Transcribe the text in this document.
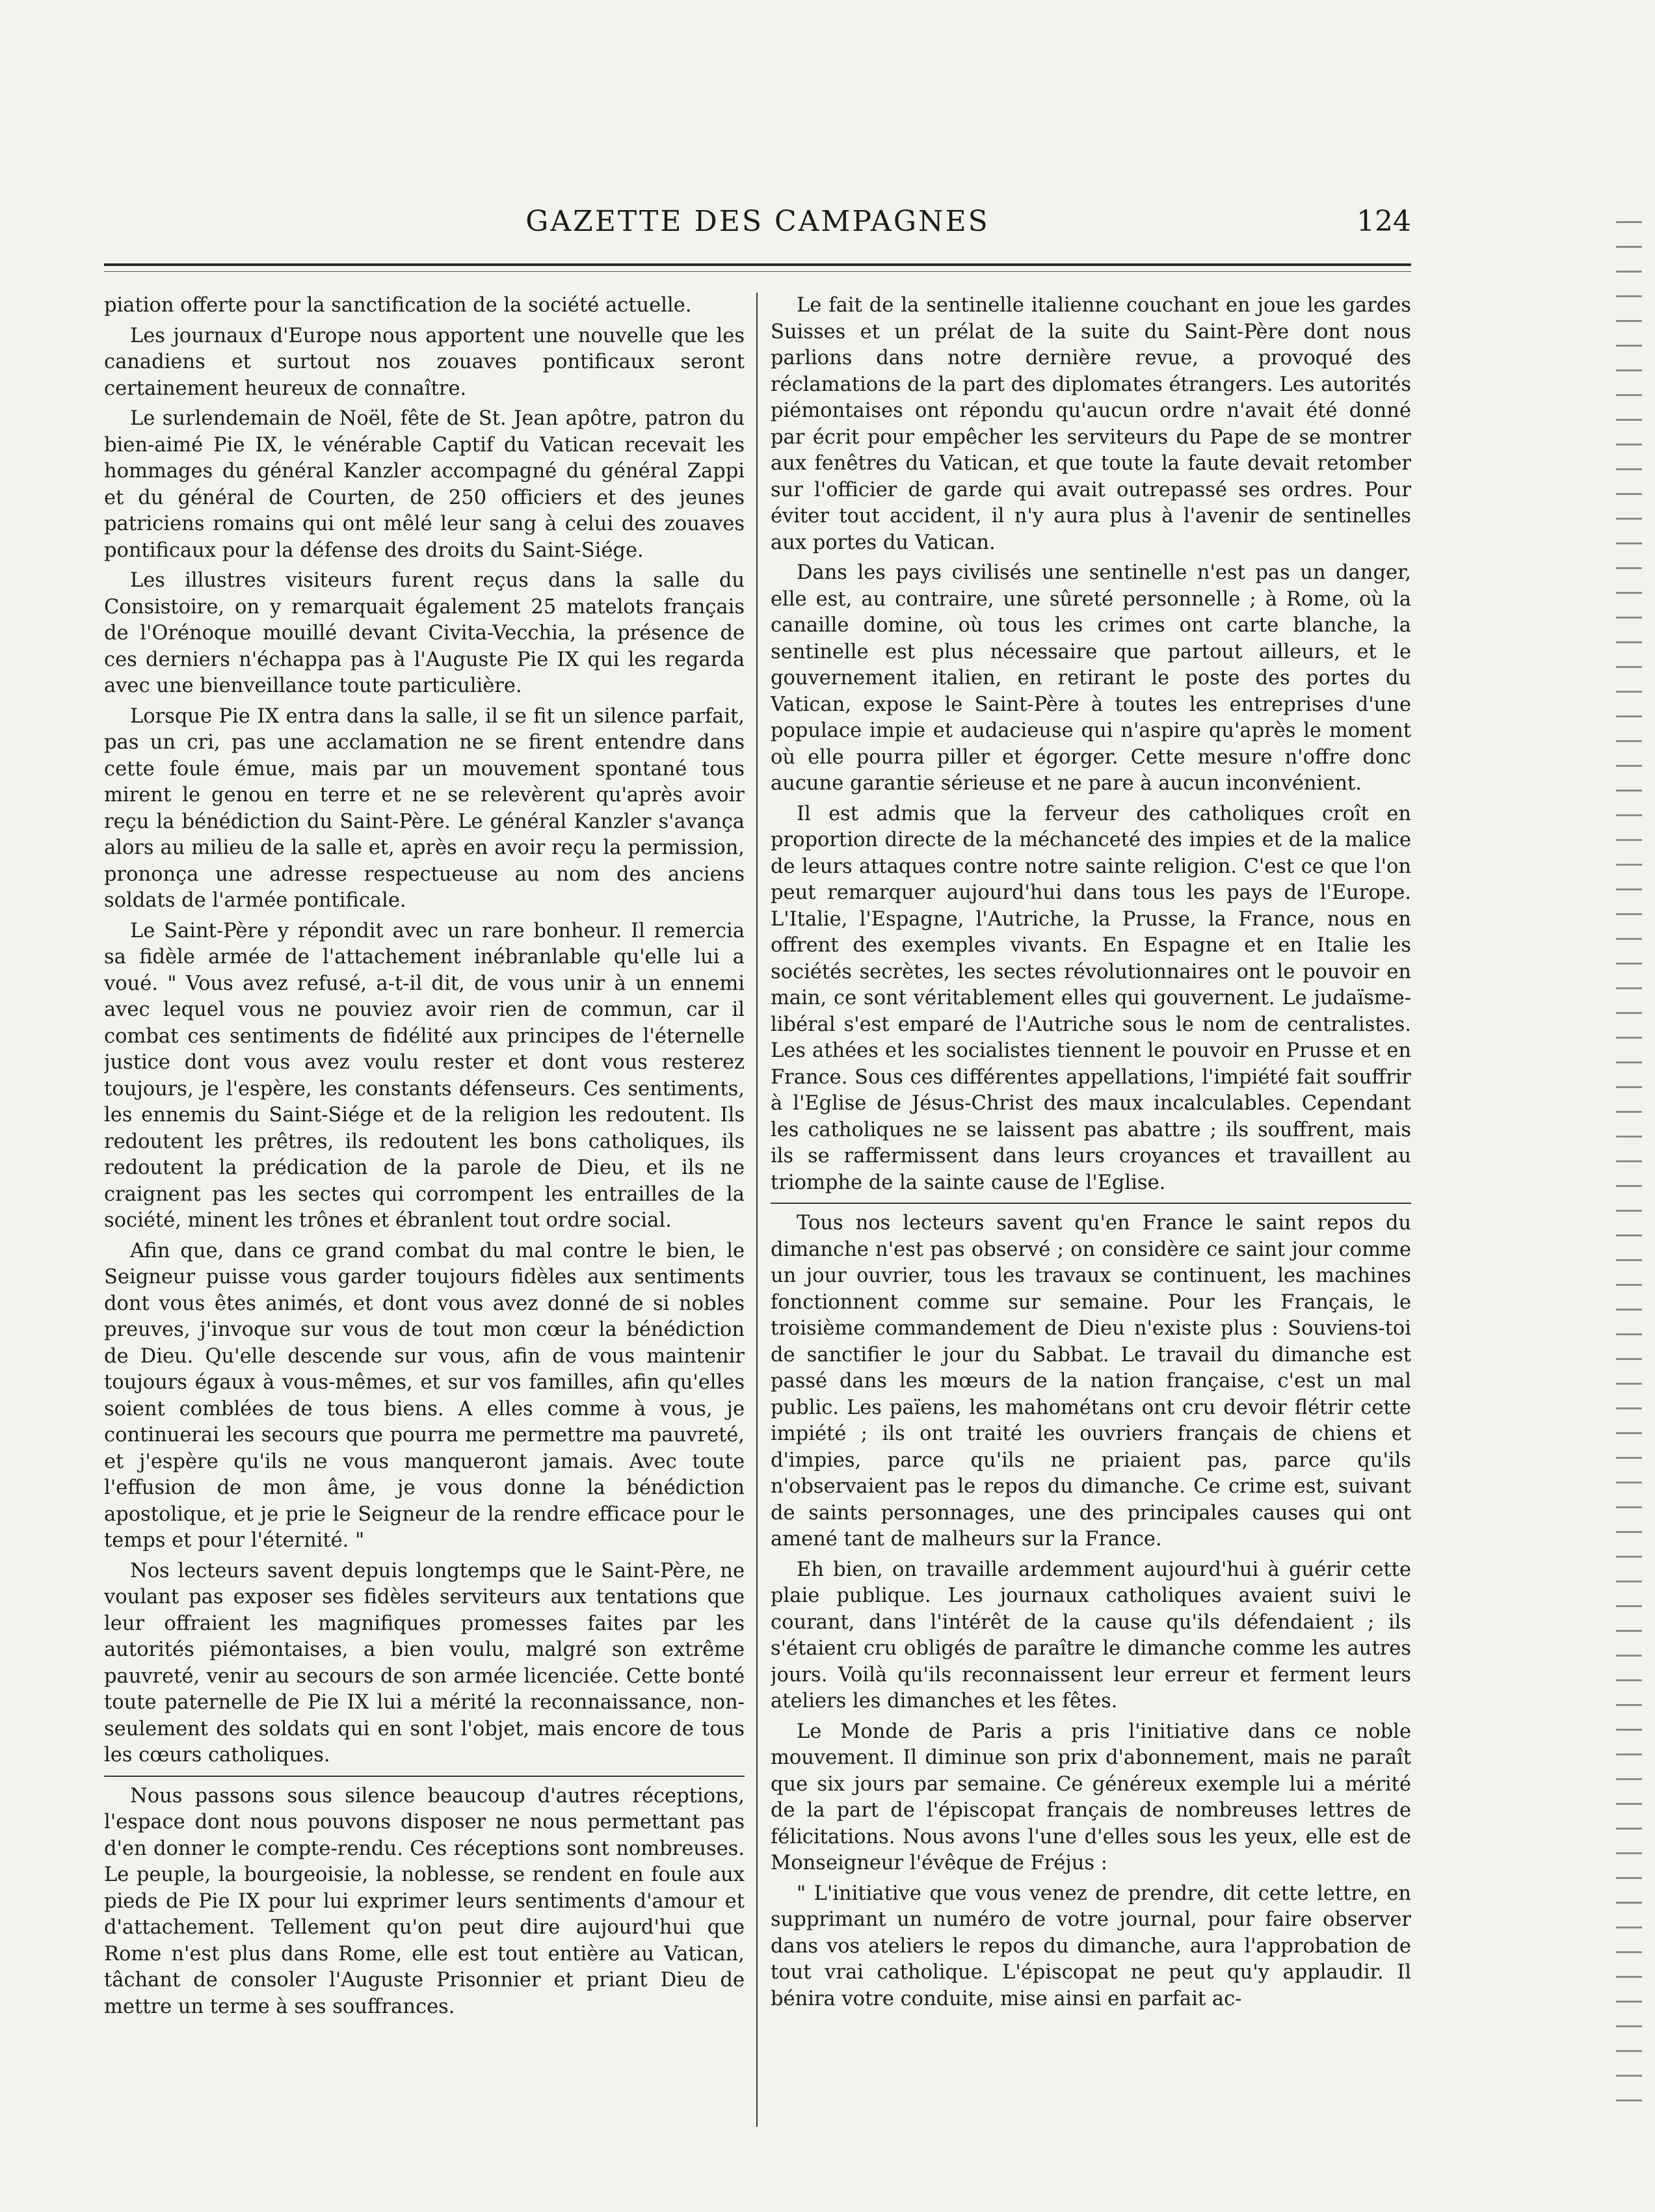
GAZETTE DES CAMPAGNES	124

piation offerte pour la sanctification de la société actuelle.

Les journaux d'Europe nous apportent une nouvelle que les canadiens et surtout nos zouaves pontificaux seront certainement heureux de connaître.

Le surlendemain de Noël, fête de St. Jean apôtre, patron du bien-aimé Pie IX, le vénérable Captif du Vatican recevait les hommages du général Kanzler accompagné du général Zappi et du général de Courten, de 250 officiers et des jeunes patriciens romains qui ont mêlé leur sang à celui des zouaves pontificaux pour la défense des droits du Saint-Siége.

Les illustres visiteurs furent reçus dans la salle du Consistoire, on y remarquait également 25 matelots français de l'Orénoque mouillé devant Civita-Vecchia, la présence de ces derniers n'échappa pas à l'Auguste Pie IX qui les regarda avec une bienveillance toute particulière.

Lorsque Pie IX entra dans la salle, il se fit un silence parfait, pas un cri, pas une acclamation ne se firent entendre dans cette foule émue, mais par un mouvement spontané tous mirent le genou en terre et ne se relevèrent qu'après avoir reçu la bénédiction du Saint-Père. Le général Kanzler s'avança alors au milieu de la salle et, après en avoir reçu la permission, prononça une adresse respectueuse au nom des anciens soldats de l'armée pontificale.

Le Saint-Père y répondit avec un rare bonheur. Il remercia sa fidèle armée de l'attachement inébranlable qu'elle lui a voué. " Vous avez refusé, a-t-il dit, de vous unir à un ennemi avec lequel vous ne pouviez avoir rien de commun, car il combat ces sentiments de fidélité aux principes de l'éternelle justice dont vous avez voulu rester et dont vous resterez toujours, je l'espère, les constants défenseurs. Ces sentiments, les ennemis du Saint-Siége et de la religion les redoutent. Ils redoutent les prêtres, ils redoutent les bons catholiques, ils redoutent la prédication de la parole de Dieu, et ils ne craignent pas les sectes qui corrompent les entrailles de la société, minent les trônes et ébranlent tout ordre social.

Afin que, dans ce grand combat du mal contre le bien, le Seigneur puisse vous garder toujours fidèles aux sentiments dont vous êtes animés, et dont vous avez donné de si nobles preuves, j'invoque sur vous de tout mon cœur la bénédiction de Dieu. Qu'elle descende sur vous, afin de vous maintenir toujours égaux à vous-mêmes, et sur vos familles, afin qu'elles soient comblées de tous biens. A elles comme à vous, je continuerai les secours que pourra me permettre ma pauvreté, et j'espère qu'ils ne vous manqueront jamais. Avec toute l'effusion de mon âme, je vous donne la bénédiction apostolique, et je prie le Seigneur de la rendre efficace pour le temps et pour l'éternité. "

Nos lecteurs savent depuis longtemps que le Saint-Père, ne voulant pas exposer ses fidèles serviteurs aux tentations que leur offraient les magnifiques promesses faites par les autorités piémontaises, a bien voulu, malgré son extrême pauvreté, venir au secours de son armée licenciée. Cette bonté toute paternelle de Pie IX lui a mérité la reconnaissance, non-seulement des soldats qui en sont l'objet, mais encore de tous les cœurs catholiques.

Nous passons sous silence beaucoup d'autres réceptions, l'espace dont nous pouvons disposer ne nous permettant pas d'en donner le compte-rendu. Ces réceptions sont nombreuses. Le peuple, la bourgeoisie, la noblesse, se rendent en foule aux pieds de Pie IX pour lui exprimer leurs sentiments d'amour et d'attachement. Tellement qu'on peut dire aujourd'hui que Rome n'est plus dans Rome, elle est tout entière au Vatican, tâchant de consoler l'Auguste Prisonnier et priant Dieu de mettre un terme à ses souffrances.

Le fait de la sentinelle italienne couchant en joue les gardes Suisses et un prélat de la suite du Saint-Père dont nous parlions dans notre dernière revue, a provoqué des réclamations de la part des diplomates étrangers. Les autorités piémontaises ont répondu qu'aucun ordre n'avait été donné par écrit pour empêcher les serviteurs du Pape de se montrer aux fenêtres du Vatican, et que toute la faute devait retomber sur l'officier de garde qui avait outrepassé ses ordres. Pour éviter tout accident, il n'y aura plus à l'avenir de sentinelles aux portes du Vatican.

Dans les pays civilisés une sentinelle n'est pas un danger, elle est, au contraire, une sûreté personnelle ; à Rome, où la canaille domine, où tous les crimes ont carte blanche, la sentinelle est plus nécessaire que partout ailleurs, et le gouvernement italien, en retirant le poste des portes du Vatican, expose le Saint-Père à toutes les entreprises d'une populace impie et audacieuse qui n'aspire qu'après le moment où elle pourra piller et égorger. Cette mesure n'offre donc aucune garantie sérieuse et ne pare à aucun inconvénient.

Il est admis que la ferveur des catholiques croît en proportion directe de la méchanceté des impies et de la malice de leurs attaques contre notre sainte religion. C'est ce que l'on peut remarquer aujourd'hui dans tous les pays de l'Europe. L'Italie, l'Espagne, l'Autriche, la Prusse, la France, nous en offrent des exemples vivants. En Espagne et en Italie les sociétés secrètes, les sectes révolutionnaires ont le pouvoir en main, ce sont véritablement elles qui gouvernent. Le judaïsme-libéral s'est emparé de l'Autriche sous le nom de centralistes. Les athées et les socialistes tiennent le pouvoir en Prusse et en France. Sous ces différentes appellations, l'impiété fait souffrir à l'Eglise de Jésus-Christ des maux incalculables. Cependant les catholiques ne se laissent pas abattre ; ils souffrent, mais ils se raffermissent dans leurs croyances et travaillent au triomphe de la sainte cause de l'Eglise.

Tous nos lecteurs savent qu'en France le saint repos du dimanche n'est pas observé ; on considère ce saint jour comme un jour ouvrier, tous les travaux se continuent, les machines fonctionnent comme sur semaine. Pour les Français, le troisième commandement de Dieu n'existe plus : Souviens-toi de sanctifier le jour du Sabbat. Le travail du dimanche est passé dans les mœurs de la nation française, c'est un mal public. Les païens, les mahométans ont cru devoir flétrir cette impiété ; ils ont traité les ouvriers français de chiens et d'impies, parce qu'ils ne priaient pas, parce qu'ils n'observaient pas le repos du dimanche. Ce crime est, suivant de saints personnages, une des principales causes qui ont amené tant de malheurs sur la France.

Eh bien, on travaille ardemment aujourd'hui à guérir cette plaie publique. Les journaux catholiques avaient suivi le courant, dans l'intérêt de la cause qu'ils défendaient ; ils s'étaient cru obligés de paraître le dimanche comme les autres jours. Voilà qu'ils reconnaissent leur erreur et ferment leurs ateliers les dimanches et les fêtes.

Le Monde de Paris a pris l'initiative dans ce noble mouvement. Il diminue son prix d'abonnement, mais ne paraît que six jours par semaine. Ce généreux exemple lui a mérité de la part de l'épiscopat français de nombreuses lettres de félicitations. Nous avons l'une d'elles sous les yeux, elle est de Monseigneur l'évêque de Fréjus :

" L'initiative que vous venez de prendre, dit cette lettre, en supprimant un numéro de votre journal, pour faire observer dans vos ateliers le repos du dimanche, aura l'approbation de tout vrai catholique. L'épiscopat ne peut qu'y applaudir. Il bénira votre conduite, mise ainsi en parfait ac-
